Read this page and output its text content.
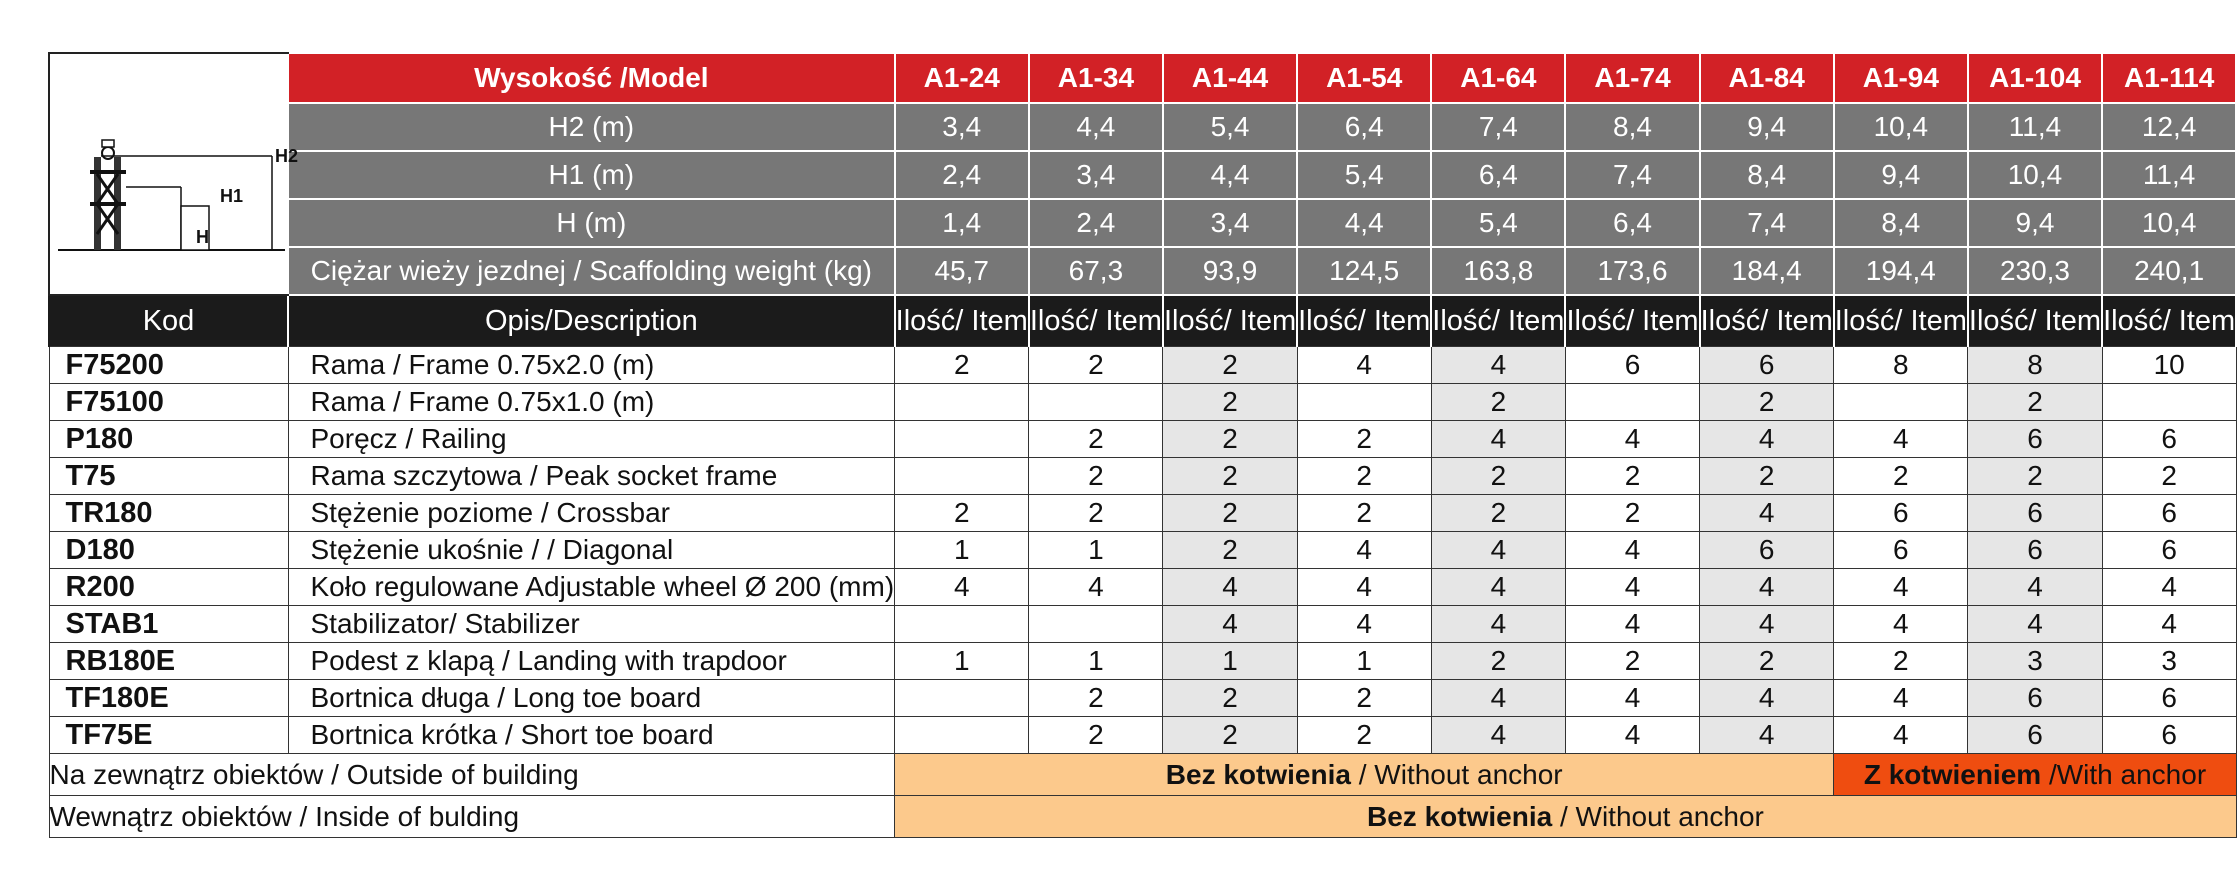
H2
H1
H	Wysokość /Model	A1-24	A1-34	A1-44	A1-54	A1-64	A1-74	A1-84	A1-94	A1-104	A1-114
	H2 (m)	3,4	4,4	5,4	6,4	7,4	8,4	9,4	10,4	11,4	12,4
	H1 (m)	2,4	3,4	4,4	5,4	6,4	7,4	8,4	9,4	10,4	11,4
	H (m)	1,4	2,4	3,4	4,4	5,4	6,4	7,4	8,4	9,4	10,4
	Ciężar wieży jezdnej / Scaffolding weight (kg)	45,7	67,3	93,9	124,5	163,8	173,6	184,4	194,4	230,3	240,1
Kod	Opis/Description	Ilość/ Item	Ilość/ Item	Ilość/ Item	Ilość/ Item	Ilość/ Item	Ilość/ Item	Ilość/ Item	Ilość/ Item	Ilość/ Item	Ilość/ Item
F75200	Rama / Frame 0.75x2.0 (m)	2	2	2	4	4	6	6	8	8	10
F75100	Rama / Frame 0.75x1.0 (m)			2		2		2		2	
P180	Poręcz / Railing		2	2	2	4	4	4	4	6	6
T75	Rama szczytowa / Peak socket frame		2	2	2	2	2	2	2	2	2
TR180	Stężenie poziome / Crossbar	2	2	2	2	2	2	4	6	6	6
D180	Stężenie ukośnie / / Diagonal	1	1	2	4	4	4	6	6	6	6
R200	Koło regulowane Adjustable wheel Ø 200 (mm)	4	4	4	4	4	4	4	4	4	4
STAB1	Stabilizator/ Stabilizer			4	4	4	4	4	4	4	4
RB180E	Podest z klapą / Landing with trapdoor	1	1	1	1	2	2	2	2	3	3
TF180E	Bortnica długa / Long toe board		2	2	2	4	4	4	4	6	6
TF75E	Bortnica krótka / Short toe board		2	2	2	4	4	4	4	6	6
Na zewnątrz obiektów / Outside of building		Bez kotwienia / Without anchor							Z kotwieniem /With anchor		
Wewnątrz obiektów / Inside of bulding		Bez kotwienia / Without anchor									
